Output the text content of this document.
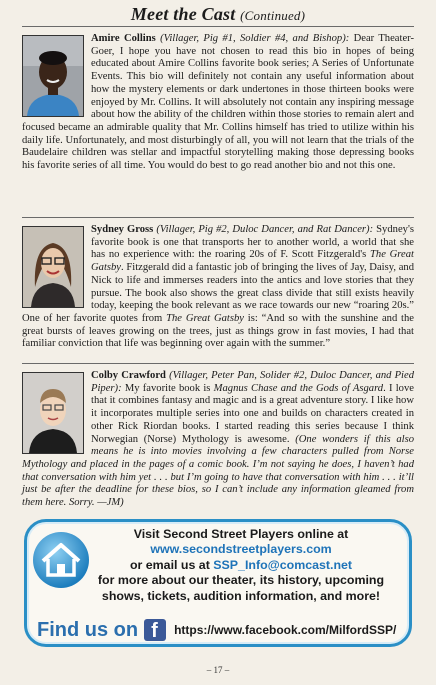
Meet the Cast (Continued)
Amire Collins (Villager, Pig #1, Soldier #4, and Bishop): Dear Theater-Goer, I hope you have not chosen to read this bio in hopes of being educated about Amire Collins favorite book series; A Series of Unfortunate Events. This bio will definitely not contain any useful information about how the mystery elements or dark undertones in those thirteen books were enjoyed by Mr. Collins. It will absolutely not contain any inspiring message about how the ability of the children within those stories to remain alert and focused became an admirable quality that Mr. Collins himself has tried to utilize within his daily life. Unfortunately, and most disturbingly of all, you will not learn that the trials of the Baudelaire children was stellar and impactful storytelling making those depressing books his favorite series of all time. You would do best to go read another bio and not this one.
Sydney Gross (Villager, Pig #2, Duloc Dancer, and Rat Dancer): Sydney's favorite book is one that transports her to another world, a world that she has no experience with: the roaring 20s of F. Scott Fitzgerald's The Great Gatsby. Fitzgerald did a fantastic job of bringing the lives of Jay, Daisy, and Nick to life and immerses readers into the antics and love stories that they pursue. The book also shows the great class divide that still exists heavily today, keeping the book relevant as we race towards our new “roaring 20s.” One of her favorite quotes from The Great Gatsby is: “And so with the sunshine and the great bursts of leaves growing on the trees, just as things grow in fast movies, I had that familiar conviction that life was beginning over again with the summer.”
Colby Crawford (Villager, Peter Pan, Solider #2, Duloc Dancer, and Pied Piper): My favorite book is Magnus Chase and the Gods of Asgard. I love that it combines fantasy and magic and is a great adventure story. I like how it incorporates multiple series into one and builds on characters created in other Rick Riordan books. I started reading this series because I think Norwegian (Norse) Mythology is awesome. (One wonders if this also means he is into movies involving a few characters pulled from Norse Mythology and placed in the pages of a comic book. I’m not saying he does, I haven’t had that conversation with him yet . . . but I’m going to have that conversation with him . . . it’ll just be after the deadline for these bios, so I can’t include any information gleamed from them here. Sorry. —JM)
Visit Second Street Players online at
www.secondstreetplayers.com
or email us at SSP_Info@comcast.net
for more about our theater, its history, upcoming
shows, tickets, audition information, and more!
Find us on f https://www.facebook.com/MilfordSSP/
– 17 –
